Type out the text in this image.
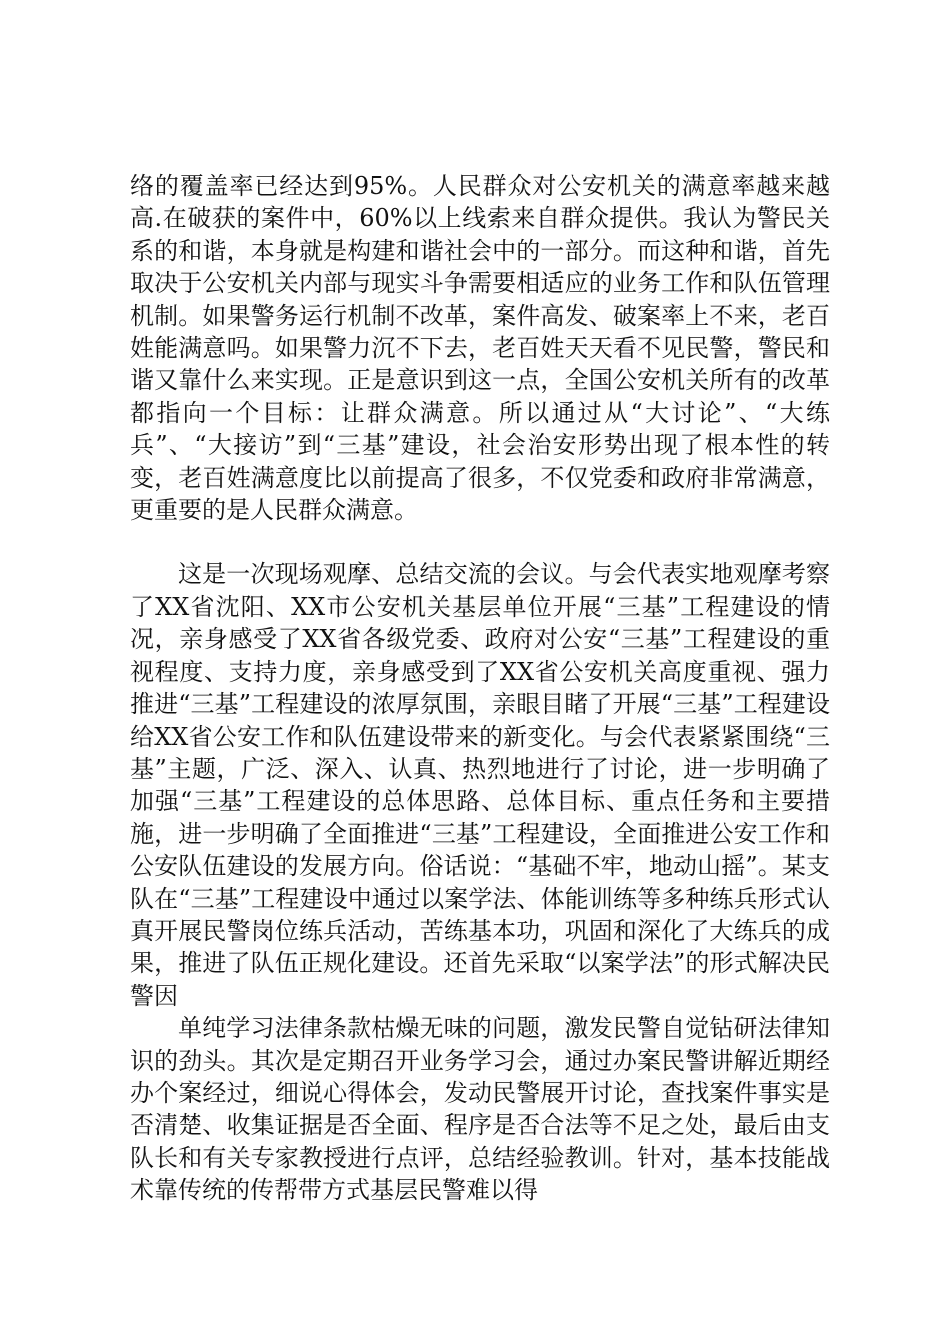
络的覆盖率已经达到95%。人民群众对公安机关的满意率越来越高.在破获的案件中，60%以上线索来自群众提供。我认为警民关系的和谐，本身就是构建和谐社会中的一部分。而这种和谐，首先取决于公安机关内部与现实斗争需要相适应的业务工作和队伍管理机制。如果警务运行机制不改革，案件高发、破案率上不来，老百姓能满意吗。如果警力沉不下去，老百姓天天看不见民警，警民和谐又靠什么来实现。正是意识到这一点，全国公安机关所有的改革都指向一个目标：让群众满意。所以通过从“大讨论”、“大练兵”、“大接访”到“三基”建设，社会治安形势出现了根本性的转变，老百姓满意度比以前提高了很多，不仅党委和政府非常满意，更重要的是人民群众满意。

这是一次现场观摩、总结交流的会议。与会代表实地观摩考察了XX省沈阳、XX市公安机关基层单位开展“三基”工程建设的情况，亲身感受了XX省各级党委、政府对公安“三基”工程建设的重视程度、支持力度，亲身感受到了XX省公安机关高度重视、强力推进“三基”工程建设的浓厚氛围，亲眼目睹了开展“三基”工程建设给XX省公安工作和队伍建设带来的新变化。与会代表紧紧围绕“三基”主题，广泛、深入、认真、热烈地进行了讨论，进一步明确了加强“三基”工程建设的总体思路、总体目标、重点任务和主要措施，进一步明确了全面推进“三基”工程建设，全面推进公安工作和公安队伍建设的发展方向。俗话说：“基础不牢，地动山摇”。某支队在“三基”工程建设中通过以案学法、体能训练等多种练兵形式认真开展民警岗位练兵活动，苦练基本功，巩固和深化了大练兵的成果，推进了队伍正规化建设。还首先采取“以案学法”的形式解决民警因

单纯学习法律条款枯燥无味的问题，激发民警自觉钻研法律知识的劲头。其次是定期召开业务学习会，通过办案民警讲解近期经办个案经过，细说心得体会，发动民警展开讨论，查找案件事实是否清楚、收集证据是否全面、程序是否合法等不足之处，最后由支队长和有关专家教授进行点评，总结经验教训。针对，基本技能战术靠传统的传帮带方式基层民警难以得
